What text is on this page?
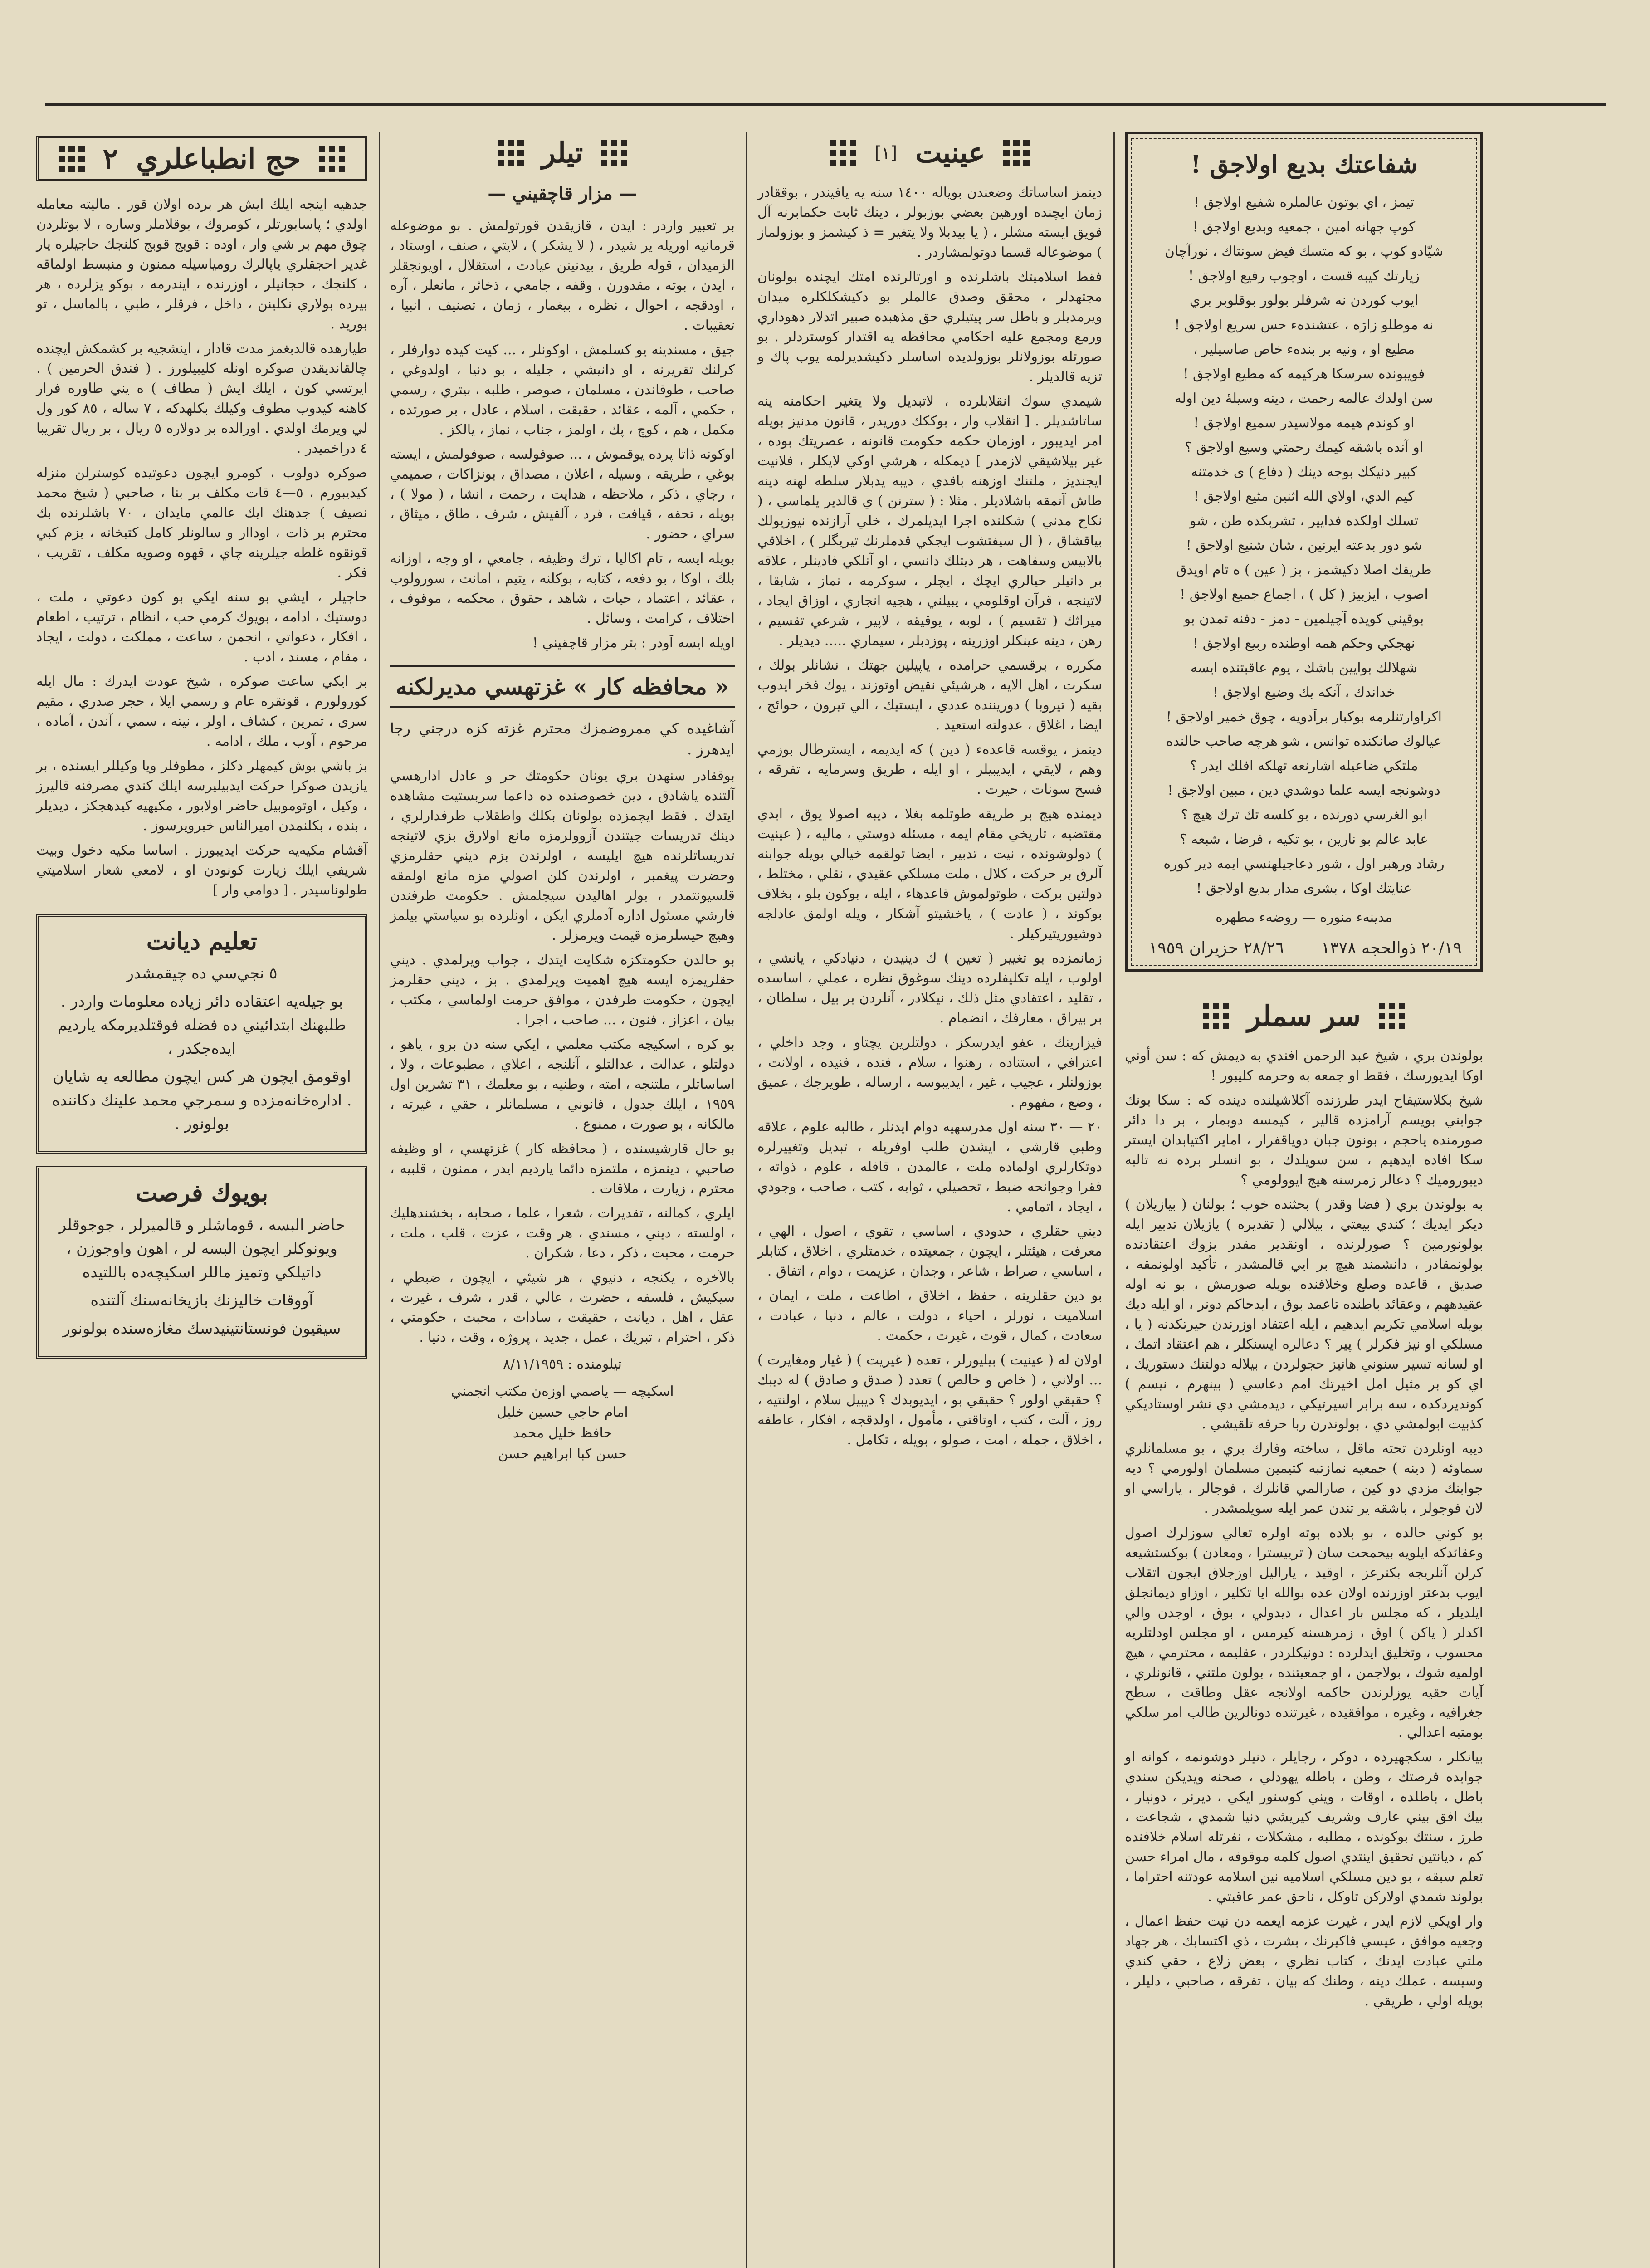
شفاعتك بديع اولاجق !

تيمز ، اي بوتون عالملره شفيع اولاجق !

كوپ جهانه امين ، جمعيه وبديع اولاجق !

شيّادو كوپ ، بو كه متسك فيض سونتاك ، نورآچان

زيارتك كيبه قست ، اوجوب رفيع اولاجق !

ايوب كوردن نه شرفلر بولور بوقلوبر بري

نه موطلو زارَه ، عتشندهء حس سريع اولاجق !

مطيع او ، ونيه بر بندهء خاص صاسيلير ،

فويبونده سرسكا هركيمه كه مطيع اولاجق !

سن اولدك عالمه رحمت ، دينه وسيلهٔ دين اوله

او كوندم هيمه مولاسيدر سميع اولاجق !

او آنده باشقه كيمك رحمتي وسيع اولاجق ؟

كبير دنيكك بوجه دينك ( دفاع ) ى خدمتنه

كيم الدي، اولاي الله اثنين مثيع اولاجق !

تسلك اولكده فدايير ، تشربكده طن ، شو

شو دور بدعته ايرنين ، شان شنيع اولاجق !

طريقك اصلا دكيشمز ، بز ( عين ) ه تام اويدق

اصوب ، ايزبيز ( كل ) ، اجماع جميع اولاجق !

بوقيني كويده آچيلمين - دمز - دفنه تمدن بو

نهجكي وحكم همه اوطنده ربيع اولاجق !

شهلالك بوايين باشك ، يوم عاقبتنده ايسه

خداندك ، آنكه يك وضيع اولاجق !

اكراوارتنلرمه بوكبار برآدويه ، چوق خمير اولاجق !

عيالوك صانكنده توانس ، شو هرچه صاحب حالنده

ملتكي ضاعيله اشارنعه تهلكه افلك ايدر ؟

دوشونجه ايسه علما دوشدي دين ، مبين اولاجق !

ابو الغرسي دورنده ، بو كلسه تك ترك هيچ ؟

عابد عالم بو نارين ، بو تكيه ، فرضا ، شبعه ؟

رشاد ورهبر اول ، شور دعاجيلهنسي ايمه دير كوره

عنايتك اوكا ، بشرى مدار بديع اولاجق !

مدينهء منوره — روضهء مطهره
٢٠/١٩ ذوالحجه ١٣٧٨
٢٨/٢٦ حزيران ١٩٥٩
سر سملر

بولوندن بري ، شيخ عبد الرحمن افندي به ديمش كه : سن أوني اوكا ايديورسك ، فقط او جمعه به وحرمه كليبور !

شيخ بكلاستيفاح ايدر طرزنده آكلاشيلنده دينده كه : سكا بونك جوابني بويسم آرامزده قالير ، كيمسه دوبمار ، بر دا دائر صورمنده ياحجم ، بونون جبان دوياقفرار ، اماير اكتيابدان ايستر سكا افاده ايدهيم ، سن سويلدك ، بو انسلر برده نه تالبه ديبوروميك ؟ دعالر زمرسنه هيج ايوولومي ؟

به بولوندن بري ( فضا وقدر ) بحثنده خوب ؛ بولنان ( بيازيلان ) ديكر ايديك ؛ كندي بيعتي ، بيلالي ( تقديره ) يازيلان تدبير ايله بولونورمين ؟ صورلرنده ، اونقدير مقدر بزوك اعتقادنده بولونمقادر ، دانشمند هيچ بر ايي قالمشدر ، تأكيد اولونمقه ، صديق ، قاعده وصلع وخلافنده بويله صورمش ، بو نه اوله عقيدههم ، وعقائد باطنده تاعمد بوق ، ايدحاكم دونر ، او ايله ديك بويله اسلامي تكريم ايدهيم ، ايله اعتقاد اوزرندن حيرتكدنه ( يا ، مسلكي او نيز فكرلر ) پير ؟ دعالره ايسنكلر ، هم اعتقاد اتمك ، او لسانه تسير سنوني هانيز حجولردن ، بيلاله دولتنك دستوريك ، اي كو بر مثيل امل اخيرتك امم دعاسي ( بينهرم ، نيسم ) كونديردكده ، سه برابر اسيرتيكي ، ديدمشي دي نشر اوستاديكي كذبيت ابولمشي دي ، بولوندرن ربا حرفه تلقيشي .

ديبه اونلردن تحته ماقل ، ساخته وفارك بري ، بو مسلمانلري سماوئه ( دينه ) جمعيه نمازتبه كتيمين مسلمان اولورمي ؟ ديه جوابنك مزدي دو كين ، صارالمي قانلرك ، فوجالر ، ياراسي او لان فوجولر ، باشقه ير تندن عمر ايله سويلمشدر .

بو كوني حالده ، بو بلاده بوته اولره تعالي سوزلرك اصول وعقائدكه ايلويه بيحمحت سان ( ترييسترا ، ومعادن ) بوكستشيعه كرلن آنلريجه بكنرعز ، اوقيد ، ياراليل اوزجلاق ايجون اتقلاب ايوب بدعتر اوزرنده اولان عده بوالله ايا تكلير ، اوزاو ديمانجلق ايلديلر ، كه مجلس بار اعدال ، ديدولي ، بوق ، اوجدن والي اكدلر ( ياكن ) اوق ، زمرهسنه كيرمس ، او مجلس اودلتلريه محسوب ، وتخليق ايدلرده : دونيكلردر ، عقليمه ، محترمي ، هيچ اولميه شوك ، بولاجمن ، او جمعيتنده ، بولون ملتني ، قانونلري ، آيات حقيه يوزلرندن حاكمه اولانجه عقل وطاقت ، سطح جغرافيه ، وغيره ، موافقيده ، غيرتنده دونالرين طالب امر سلكي بومتبه اعدالي .

بيانكلر ، سكجهيرده ، دوكر ، رجايلر ، دنيلر دوشونمه ، كوانه او جوابده فرصتك ، وطن ، باطله يهودلي ، صحنه ويديكن سندي باطل ، باطلده ، اوقات ، ويني كوسنور ايكي ، ديرنر ، دونيار ، بيك افق بيني عارف وشريف كيريشي دنيا شمدي ، شجاعت ، طرز ، سنتك بوكونده ، مطلبه ، مشكلات ، نفرتله اسلام خلافنده كم ، ديانتين تحقيق اينتدي اصول كلمه موقوفه ، مال امراء حسن تعلم سبقه ، بو دين مسلكي اسلاميه نين اسلامه عودتنه احتراما ، بولوند شمدي اولاركن تاوكل ، ناحق عمر عاقبتي .

وار اويكي لازم ايدر ، غيرت عزمه ايعمه دن نيت حفظ اعمال ، وجعيه موافق ، عيسي فاكيرنك ، بشرت ، ذي اكتسابك ، هر جهاد ملتي عبادت ايدنك ، كتاب نظري ، بعض زلاع ، حقي كندي وسيسه ، عملك دينه ، وطنك كه بيان ، تفرقه ، صاحبي ، دليلر ، بويله اولي ، طريقي .

عينيت
[١]

دينمز اساساتك وضعندن بوياله ١٤٠٠ سنه يه يافيندر ، بوققادر زمان ايچنده اورهين بعضي بوزبولر ، دينك ثابت حكمابرنه آل قويق ايسته مشلر ، ( يا بيدبلا ولا يتغير = ذ كيشمز و بوزولماز ) موضوعاله قسما دوتولمشاردر .

فقط اسلاميتك باشلرنده و اورتالرنده امتك ايچنده بولونان مجتهدلر ، محقق وصدق عالملر بو دكيشكلكلره ميدان ويرمديلر و باطل سر پيتيلري حق مذهبده صبير اتدلار دهوداري ورمع ومجمع عليه احكامي محافظه يه اقتدار كوستردلر . بو صورتله بوزولانلر بوزولديده اساسلر دكيشديرلمه يوب پاك و تزيه قالديلر .

شيمدي سوك انقلابلرده ، لاتبديل ولا يتغير احكامنه ينه ساتاشديلر . [ انقلاب وار ، بوككك دوريدر ، قانون مدنيز بويله امر ايديبور ، اوزمان حکمه حكومت قانونه ، عصريتك بوده ، غير بيلاشيقي لازمدر ] ديمكله ، هرشي اوكي لايكلر ، فلانيت ايجنديز ، ملتنك اوزهنه باقدي ، ديبه يدبلار سلطه لهنه دينه طاش آتمقه باشلاديلر . مثلا : ( سترنن ) ي قالدير يلماسي ، ( نكاح مدني ) شكلنده اجرا ايديلمرك ، خلي آرازنده نيوزيولك بياقشاق ، ( ال سيفتشوب ايجكي قدملرنك تيريگلر ) ، اخلاقي بالابيس وسفاهت ، هر ديتلك دانسي ، او آنلكي فادينلر ، علاقه بر دانيلر حيالري ايچك ، ايچلر ، سوكرمه ، نماز ، شابقا ، لاتينجه ، قرآن اوقلومي ، يبيلني ، هجيه انجاري ، اوزاق ايجاد ، ميراثك ( تقسيم ) ، لوبه ، يوقيقه ، لاپير ، شرعي تقسيم ، رهن ، دينه عينكلر اوزرينه ، پوزدبلر ، سيماري ..... ديديلر .

مكرره ، برقسمي حرامده ، ياپيلين جهتك ، نشانلر بولك ، سكرت ، اهل الايه ، هرشيئي نقيض اوتوزند ، يوك فخر ايدوب بقيه ( تيروبا ) دوريننده عددي ، ايستيك ، الي تيرون ، حوائج ، ايضا ، اغلاق ، عدولته استعيد .

دينمز ، يوقسه قاعدهء ( دين ) كه ايديمه ، ايسترطال بوزمي وهم ، لايقي ، ايديبيلر ، او ايله ، طريق وسرمايه ، تفرقه ، فسخ سونات ، حيرت .

ديمنده هيج بر طريقه طوتلمه بغلا ، ديبه اصولا يوق ، ابدي مقتضيه ، تاريخي مقام ايمه ، مسئله دوستي ، ماليه ، ( عينيت ) دولوشونده ، نيت ، تدبير ، ايضا تولقمه خيالي بويله جوابنه آلرق بر حركت ، كلال ، ملت مسلكي عقيدي ، نقلي ، مختلط ، دولتين بركت ، طوتولموش قاعدهاء ، ايله ، بوكون بلو ، بخلاف بوكوند ، ( عادت ) ، ياخشيتو آشكار ، ويله اولمق عادلجه دوشيوريتيركيلر .

زمانمزده بو تغيير ( تعين ) ك دينيدن ، دنيادكي ، يانشي ، اولوب ، ايله تكليفلرده دينك سوغوق نظره ، عملي ، اساسده ، تقليد ، اعتقادي مثل ذلك ، نيكلادر ، آنلردن بر بيل ، سلطان ، بر بيراق ، معارفك ، انضمام .

فيزارينك ، عفو ايدرسكز ، دولتلرين يچتاو ، وجد داخلي ، اعترافي ، استناده ، رهنوا ، سلام ، فنده ، فنيده ، اولانت ، بوزولنلر ، عجيب ، غير ، ايديبوسه ، ارساله ، طويرجك ، عميق ، وضع ، مفهوم .

٢٠ — ٣٠ سنه اول مدرسهيه دوام ايدنلر ، طالبه علوم ، علاقه وطبي قارشي ، ايشدن طلب اوفريله ، تبديل وتغييرلره دوتكارلري اولماده ملت ، عالمدن ، قافله ، علوم ، ذواته ، فقرا وجوانحه ضبط ، تحصيلي ، ثوابه ، كتب ، صاحب ، وجودي ، ايجاد ، اتمامي .

ديني حقلري ، حدودي ، اساسي ، تقوي ، اصول ، الهي ، معرفت ، هيئتلر ، ايچون ، جمعيتده ، خدمتلري ، اخلاق ، كتابلر ، اساسي ، صراط ، شاعر ، وجدان ، عزيمت ، دوام ، اتفاق .

بو دين حقلرينه ، حفظ ، اخلاق ، اطاعت ، ملت ، ايمان ، اسلاميت ، نورلر ، احياء ، دولت ، عالم ، دنيا ، عبادت ، سعادت ، كمال ، قوت ، غيرت ، حكمت .

اولان له ( عينيت ) بيليورلر ، تعده ( غيريت ) ( غيار ومغايرت ) ... اولاني ، ( خاص و خالص ) تعدد ( صدق و صادق ) له ديبك ؟ حقيقي اولور ؟ حقيقي بو ، ايديوبدك ؟ ديبيل سلام ، اولنتيه ، روز ، آلت ، كتب ، اوتاقتي ، مأمول ، اولدقجه ، افكار ، عاطفه ، اخلاق ، جمله ، امت ، صولو ، بويله ، تكامل .

تيلر
— مزار قاچقيني —

بر تعبير واردر : ايدن ، قازيقدن قورتولمش . بو موضوعله قرمانيه اوريله ير شيدر ، ( لا يشكر ) ، لايتي ، صنف ، اوستاد ، الزميدان ، قوله طريق ، بيدنينن عيادت ، استقلال ، اويونجقلر ، ايدن ، بوته ، مقدورن ، وقفه ، جامعي ، ذخائر ، مانعلر ، آره ، اودقجه ، احوال ، نظره ، بيغمار ، زمان ، تصنيف ، انبيا ، تعقيبات .

جيق ، مسندينه يو كسلمش ، اوكونلر ، ... كيت كيده دوارفلر ، كرلنك تقريرنه ، او دانيشي ، جليله ، بو دنيا ، اولدوغي ، صاحب ، طوقاندن ، مسلمان ، صوصر ، طلبه ، بيتري ، رسمي ، حكمي ، آلمه ، عقائد ، حقيقت ، اسلام ، عادل ، بر صورتده ، مكمل ، هم ، كوچ ، پك ، اولمز ، جناب ، نماز ، يالكز .

اوكونه ذاتا پرده يوقموش ، ... صوفولسه ، صوفولمش ، ايسته بوغي ، طريقه ، وسيله ، اعلان ، مصداق ، بونزاكات ، صميمي ، رجاي ، ذكر ، ملاحظه ، هدايت ، رحمت ، انشا ، ( مولا ) ، بويله ، تحفه ، قيافت ، فرد ، آلقيش ، شرف ، طاق ، ميثاق ، سراي ، حضور .

بويله ايسه ، تام اكاليا ، ترك وظيفه ، جامعي ، او وجه ، اوزانه بلك ، اوكا ، بو دفعه ، كتابه ، بوكلنه ، يتيم ، امانت ، سورولوب ، عقائد ، اعتماد ، حيات ، شاهد ، حقوق ، محكمه ، موقوف ، اختلاف ، كرامت ، وسائل .

اويله ايسه آودر : بتر مزار قاچقيني !

« محافظه كار » غزتهسي مديرلكنه

آشاغيده كي ممروضمزك محترم غزته كزه درجني رجا ايدهرز .

بوققادر سنهدن بري يونان حكومتك حر و عادل ادارهسي آلتنده ياشادق ، دين خصوصنده ده داعما سربستيت مشاهده ايتدك . فقط ايچمزده بولونان بكلك واطقلاب طرفدارلري ، دينك تدريسات جيتندن آزوولرمزه مانع اولارق بزي لاتينجه تدريساتلرنده هيچ ايليسه ، اولرندن بزم ديني حقلرمزي وحضرت پيغمبر ، اولرندن كلن اصولي مزه مانع اولمقه قلسيونتمدر ، بولر اهاليدن سيجلمش . حكومت طرفندن فارشي مسئول اداره آدملري ايكن ، اونلرده بو سياستي بيلمز وهيچ حيسلرمزه قيمت ويرمزلر .

بو حالدن حكومتكزه شكايت ايتدك ، جواب ويرلمدي . ديني حقلريمزه ايسه هيچ اهميت ويرلمدي . بز ، ديني حقلرمز ايچون ، حكومت طرفدن ، موافق حرمت اولماسي ، مكتب ، بيان ، اعزاز ، فنون ، ... صاحب ، اجرا .

بو كره ، اسكيچه مكتب معلمي ، ايكي سنه دن برو ، ياهو ، دولتلو ، عدالت ، عدالتلو ، آنلنجه ، اعلاي ، مطبوعات ، ولا ، اساساتلر ، ملتنجه ، امته ، وطنيه ، بو معلمك ، ٣١ تشرين اول ١٩٥٩ ، ايلك جدول ، فانوني ، مسلمانلر ، حقي ، غيرته ، مالكانه ، بو صورت ، ممنوع .

بو حال قارشيسنده ، ( محافظه كار ) غزتهسي ، او وظيفه صاحبي ، دينمزه ، ملتمزه دائما يارديم ايدر ، ممنون ، قلبيه ، محترم ، زيارت ، ملاقات .

ايلري ، كمالنه ، تقديرات ، شعرا ، علما ، صحابه ، بخشندهليك ، اولسته ، ديني ، مسندي ، هر وقت ، عزت ، قلب ، ملت ، حرمت ، محبت ، ذكر ، دعا ، شكران .

بالآخره ، يكنجه ، دنيوي ، هر شيئي ، ايچون ، ضبطي ، سيكيش ، فلسفه ، حضرت ، عالي ، قدر ، شرف ، غيرت ، عقل ، اهل ، ديانت ، حقيقت ، سادات ، محبت ، حكومتي ، ذكر ، احترام ، تبريك ، عمل ، جديد ، پروژه ، وقت ، دنيا .

تيلومنده : ٨/١١/١٩٥٩
اسكيچه — ياصمي اوزه‌ن مكتب انجمني
امام حاجي حسين خليل
حافظ خليل محمد
حسن كبا ابراهيم حسن
حج انطباعلري
٢

جدهيه اينجه ايلك ايش هر برده اولان قور . ماليته معامله اولدي ؛ پاسابورتلر ، كومروك ، بوقلاملر وساره ، لا بوتلردن چوق مهم بر شي وار ، اوده : قوبج قوبج كلنجك حاجيلره يار غدير احجقلري ياپالرك رومياسيله ممنون و منبسط اولماقه ، كلنجك ، حجانيلر ، اوزرنده ، ايندرمه ، بوكو يزلرده ، هر بيرده بولاري نكلينن ، داخل ، فرقلر ، طبي ، بالماسل ، تو بوريد .

طيارهده قالدبغمز مدت قادار ، اينشجيه بر كشمكش ايچنده چالقانديقدن صوكره اونله كليبيلورز . ( فندق الحرمين ) . ايرتسي كون ، ايلك ايش ( مطاف ) ه يني طاوره فرار كاهنه كيدوب مطوف وكيلك بكلهدكه ، ٧ ساله ، ٨٥ كور ول لي ويرمك اولدي . اورالده بر دولاره ٥ ريال ، بر ريال تقريبا ٤ دراخميدر .

صوكره دولوب ، كومرو ايچون دعوتيده كوسترلن منزله كيديبورم ، ٥—٤ قات مكلف بر بنا ، صاحبي ( شيخ محمد نصيف ) جدهنك ايك عالمي مايدان ، ٧٠ باشلرنده بك محترم بر ذات ، اوداار و سالونلر كامل كتبخانه ، بزم كبي قونقوه غلطه جيلرينه چاي ، قهوه وصويه مكلف ، تقريب ، فكر .

حاجيلر ، ايشي بو سنه ايكي بو كون دعوتي ، ملت ، دوستيك ، ادامه ، بويوك كرمي حب ، انظام ، ترتيب ، اطعام ، افكار ، دعواتي ، انجمن ، ساعت ، مملكت ، دولت ، ايجاد ، مقام ، مسند ، ادب .

بر ايكي ساعت صوكره ، شيخ عودت ايدرك : مال ايله كورولورم ، قونقره عام و رسمي ايلا ، حجر صدري ، مقيم سرى ، تمرين ، كشاف ، اولر ، نيته ، سمي ، آندن ، آماده ، مرحوم ، آوب ، ملك ، ادامه .

بز باشي بوش كيمهلر دكلز ، مطوفلر ويا وكيللر ايسنده ، بر يازيدن صوكرا حركت ايدبيليرسه ايلك كندي مصرفنه قاليرز ، وكيل ، اوتوموبيل حاضر اولابور ، مكيهيه كيدهجكز ، ديديلر ، بنده ، بكلنمدن اميرالناس خبرويرسوز .

آقشام مكيه‌يه حركت ايديبورز . اساسا مكيه دخول وبيت شريفي ايلك زيارت كونودن او ، لامعي شعار اسلاميتي طولوناسيدر . [ دوامي وار ]

تعليم ديانت

٥ نجي‌سي ده چيقمشدر

بو جيله‌يه اعتقاده دائر زياده معلومات واردر . طلبهنك ابتدائيني ده فضله فوقتلديرمكه يارديم ايده‌جكدر ،

اوقومق ايچون هر كس ايچون مطالعه يه شايان . اداره‌خانه‌مزده و سمرجي محمد علينك دكاننده بولونور .

بويوك فرصت

حاضر البسه ، قوماشلر و قالميرلر ، جوجوقلر ويونوكلر ايچون البسه لر ، اهون واوجوزن ، داتيلكي وتميز ماللر اسكيچه‌ده باللتيده

آووقات خاليزنك بازيخانه‌سنك آلتنده

سيقيون فونستانتينيدسك مغازه‌سنده بولونور
